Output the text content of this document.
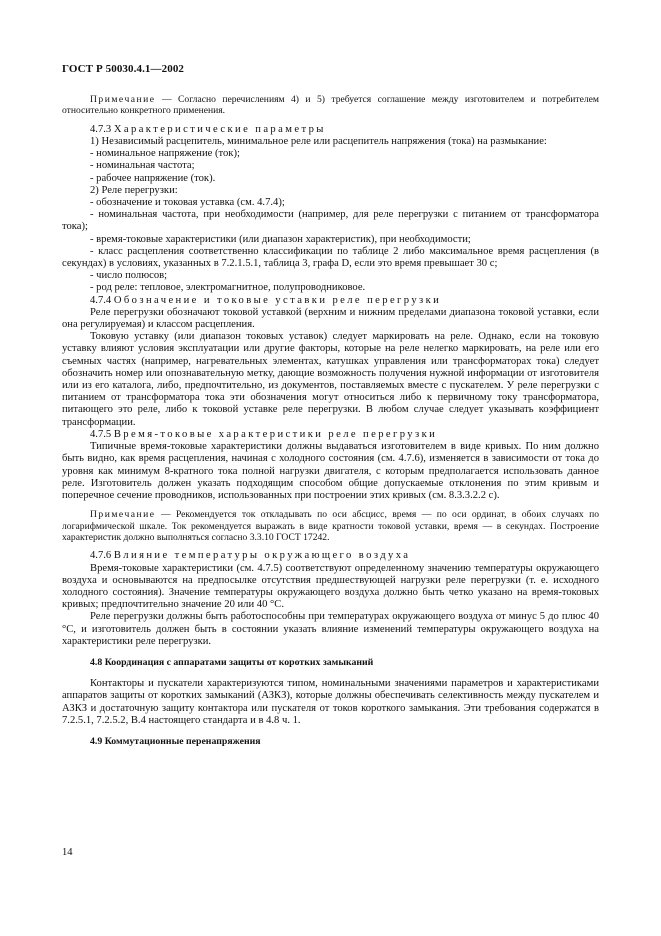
ГОСТ Р 50030.4.1—2002

Примечание — Согласно перечислениям 4) и 5) требуется соглашение между изготовителем и потребителем относительно конкретного применения.

4.7.3 Характеристические параметры

1) Независимый расцепитель, минимальное реле или расцепитель напряжения (тока) на размыкание:

- номинальное напряжение (ток);

- номинальная частота;

- рабочее напряжение (ток).

2) Реле перегрузки:

- обозначение и токовая уставка (см. 4.7.4);

- номинальная частота, при необходимости (например, для реле перегрузки с питанием от трансформатора тока);

- время-токовые характеристики (или диапазон характеристик), при необходимости;

- класс расцепления соответственно классификации по таблице 2 либо максимальное время расцепления (в секундах) в условиях, указанных в 7.2.1.5.1, таблица 3, графа D, если это время превышает 30 с;

- число полюсов;

- род реле: тепловое, электромагнитное, полупроводниковое.

4.7.4 Обозначение и токовые уставки реле перегрузки

Реле перегрузки обозначают токовой уставкой (верхним и нижним пределами диапазона токовой уставки, если она регулируемая) и классом расцепления.

Токовую уставку (или диапазон токовых уставок) следует маркировать на реле. Однако, если на токовую уставку влияют условия эксплуатации или другие факторы, которые на реле нелегко маркировать, на реле или его съемных частях (например, нагревательных элементах, катушках управления или трансформаторах тока) следует обозначить номер или опознавательную метку, дающие возможность получения нужной информации от изготовителя или из его каталога, либо, предпочтительно, из документов, поставляемых вместе с пускателем. У реле перегрузки с питанием от трансформатора тока эти обозначения могут относиться либо к первичному току трансформатора, питающего это реле, либо к токовой уставке реле перегрузки. В любом случае следует указывать коэффициент трансформации.

4.7.5 Время-токовые характеристики реле перегрузки

Типичные время-токовые характеристики должны выдаваться изготовителем в виде кривых. По ним должно быть видно, как время расцепления, начиная с холодного состояния (см. 4.7.6), изменяется в зависимости от тока до уровня как минимум 8-кратного тока полной нагрузки двигателя, с которым предполагается использовать данное реле. Изготовитель должен указать подходящим способом общие допускаемые отклонения по этим кривым и поперечное сечение проводников, использованных при построении этих кривых (см. 8.3.3.2.2 с).

Примечание — Рекомендуется ток откладывать по оси абсцисс, время — по оси ординат, в обоих случаях по логарифмической шкале. Ток рекомендуется выражать в виде кратности токовой уставки, время — в секундах. Построение характеристик должно выполняться согласно 3.3.10 ГОСТ 17242.

4.7.6 Влияние температуры окружающего воздуха

Время-токовые характеристики (см. 4.7.5) соответствуют определенному значению температуры окружающего воздуха и основываются на предпосылке отсутствия предшествующей нагрузки реле перегрузки (т. е. исходного холодного состояния). Значение температуры окружающего воздуха должно быть четко указано на время-токовых кривых; предпочтительно значение 20 или 40 °С.

Реле перегрузки должны быть работоспособны при температурах окружающего воздуха от минус 5 до плюс 40 °С, и изготовитель должен быть в состоянии указать влияние изменений температуры окружающего воздуха на характеристики реле перегрузки.

4.8 Координация с аппаратами защиты от коротких замыканий

Контакторы и пускатели характеризуются типом, номинальными значениями параметров и характеристиками аппаратов защиты от коротких замыканий (АЗКЗ), которые должны обеспечивать селективность между пускателем и АЗКЗ и достаточную защиту контактора или пускателя от токов короткого замыкания. Эти требования содержатся в 7.2.5.1, 7.2.5.2, В.4 настоящего стандарта и в 4.8 ч. 1.

4.9 Коммутационные перенапряжения

14
